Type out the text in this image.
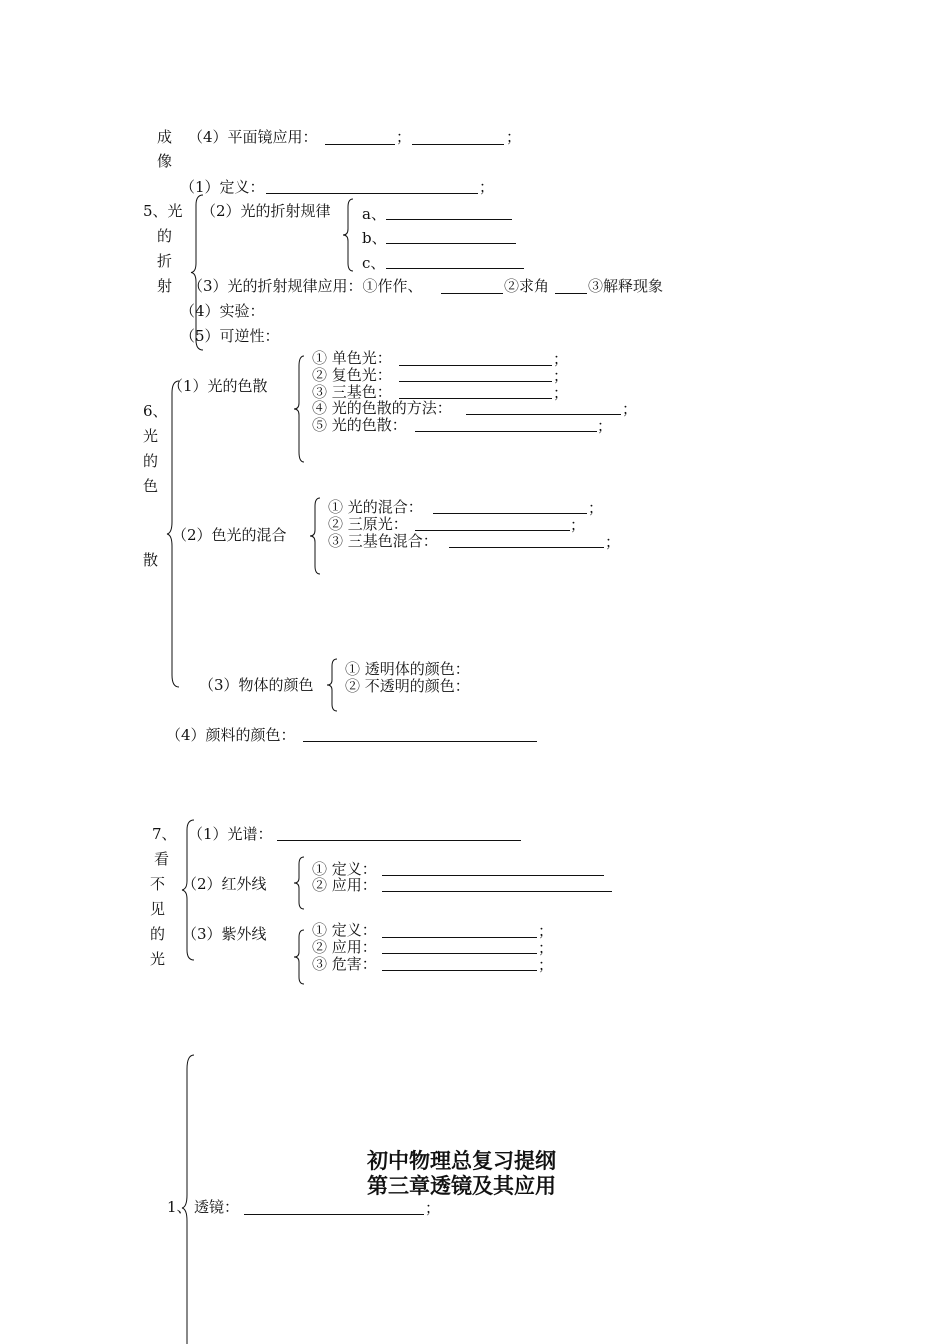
成
像
（4）平面镜应用：	；	；
5、光
的
折
射
（1）定义：	；
（2）光的折射规律 a、
b、
c、
（3）光的折射规律应用：①作作、	②求角	③解释现象
（4）实验：
（5）可逆性：
6、
光
的
色
散
（1）光的色散
① 单色光：	；
② 复色光：	；
③ 三基色：	；
④ 光的色散的方法：	；
⑤ 光的色散：	；
（2）色光的混合
① 光的混合：	；
② 三原光：	；
③ 三基色混合：	；
（3）物体的颜色
① 透明体的颜色：
② 不透明的颜色：
（4）颜料的颜色：
7、
看
不
见
的
光
（1）光谱：
（2）红外线
① 定义：
② 应用：
（3）紫外线	① 定义：	；
② 应用：	；
③ 危害：	；
初中物理总复习提纲
第三章透镜及其应用
1、 透镜：	；
